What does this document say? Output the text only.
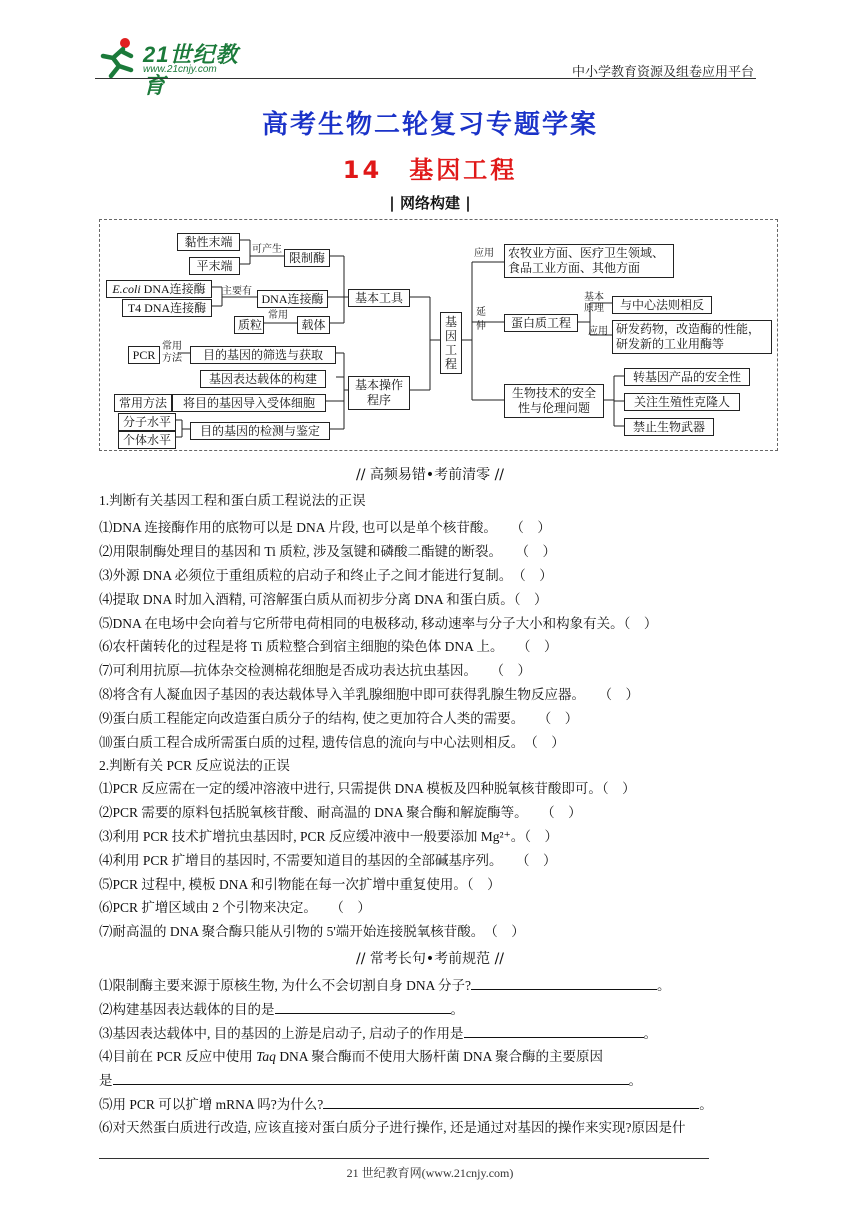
21世纪教育
www.21cnjy.com	中小学教育资源及组卷应用平台
高考生物二轮复习专题学案
14　基因工程
| 网络构建 |
黏性末端
平末端
可产生
限制酶
E.coli DNA连接酶
T4 DNA连接酶
主要有
DNA连接酶
质粒
常用
载体
基本工具
PCR
常用方法	目的基因的筛选与获取
基因表达载体的构建
常用方法	将目的基因导入受体细胞
分子水平
个体水平
目的基因的检测与鉴定
基本操作程序
基因工程
应用
延伸
农牧业方面、医疗卫生领域、食品工业方面、其他方面
蛋白质工程
基本原理	与中心法则相反
应用 研发药物，改造酶的性能，研发新的工业用酶等
生物技术的安全性与伦理问题
转基因产品的安全性
关注生殖性克隆人
禁止生物武器
// 高频易错•考前清零 //
1.判断有关基因工程和蛋白质工程说法的正误
⑴DNA 连接酶作用的底物可以是 DNA 片段, 也可以是单个核苷酸。　　（　）
⑵用限制酶处理目的基因和 Ti 质粒, 涉及氢键和磷酸二酯键的断裂。　　（　）
⑶外源 DNA 必须位于重组质粒的启动子和终止子之间才能进行复制。　（　）
⑷提取 DNA 时加入酒精, 可溶解蛋白质从而初步分离 DNA 和蛋白质。（　）
⑸DNA 在电场中会向着与它所带电荷相同的电极移动, 移动速率与分子大小和构象有关。（　）
⑹农杆菌转化的过程是将 Ti 质粒整合到宿主细胞的染色体 DNA 上。　　（　）
⑺可利用抗原—抗体杂交检测棉花细胞是否成功表达抗虫基因。　　（　）
⑻将含有人凝血因子基因的表达载体导入羊乳腺细胞中即可获得乳腺生物反应器。　　（　）
⑼蛋白质工程能定向改造蛋白质分子的结构, 使之更加符合人类的需要。　　（　）
⑽蛋白质工程合成所需蛋白质的过程, 遗传信息的流向与中心法则相反。　（　）
2.判断有关 PCR 反应说法的正误
⑴PCR 反应需在一定的缓冲溶液中进行, 只需提供 DNA 模板及四种脱氧核苷酸即可。（　）
⑵PCR 需要的原料包括脱氧核苷酸、耐高温的 DNA 聚合酶和解旋酶等。　　（　）
⑶利用 PCR 技术扩增抗虫基因时, PCR 反应缓冲液中一般要添加 Mg²⁺。（　）
⑷利用 PCR 扩增目的基因时, 不需要知道目的基因的全部碱基序列。　　（　）
⑸PCR 过程中, 模板 DNA 和引物能在每一次扩增中重复使用。（　）
⑹PCR 扩增区域由 2 个引物来决定。　　（　）
⑺耐高温的 DNA 聚合酶只能从引物的 5'端开始连接脱氧核苷酸。　（　）
// 常考长句•考前规范 //
⑴限制酶主要来源于原核生物, 为什么不会切割自身 DNA 分子?	。
⑵构建基因表达载体的目的是	。
⑶基因表达载体中, 目的基因的上游是启动子, 启动子的作用是	。
⑷目前在 PCR 反应中使用 Taq DNA 聚合酶而不使用大肠杆菌 DNA 聚合酶的主要原因
是	。
⑸用 PCR 可以扩增 mRNA 吗?为什么?	。
⑹对天然蛋白质进行改造, 应该直接对蛋白质分子进行操作, 还是通过对基因的操作来实现?原因是什
21 世纪教育网(www.21cnjy.com)
